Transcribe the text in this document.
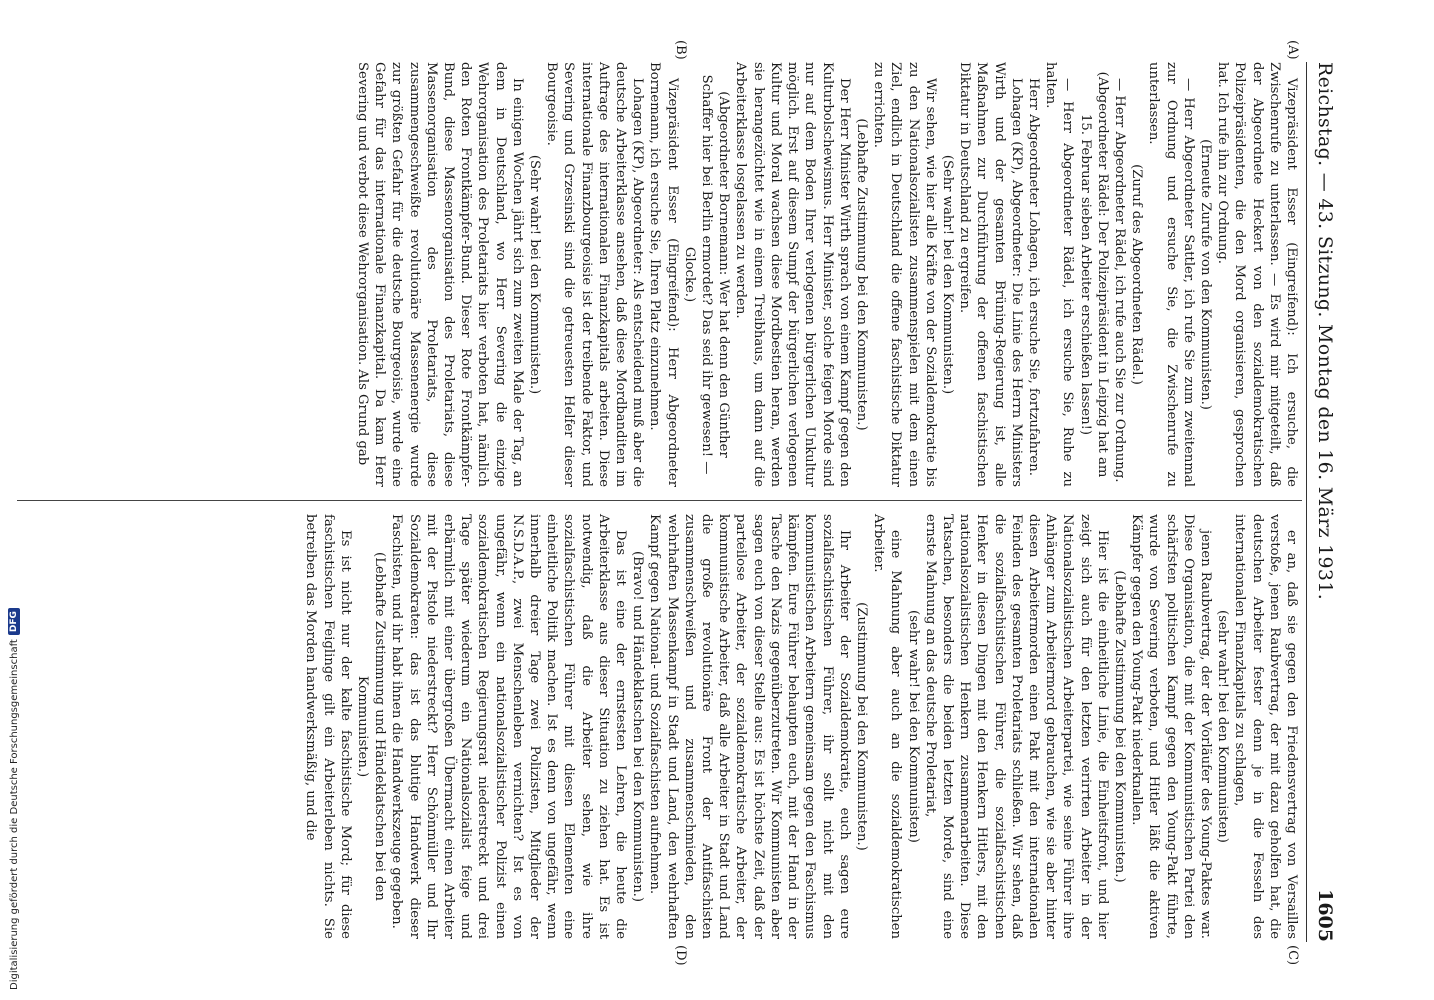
Reichstag. — 43. Sitzung. Montag den 16. März 1931.
1605
(A)
(B)
(C)
(D)

Vizepräsident Esser (Eingreifend): Ich ersuche, die Zwischenrufe zu unterlassen. — Es wird mir mitgeteilt, daß der Abgeordnete Heckert von den sozialdemokratischen Polizeipräsidenten, die den Mord organisieren, gesprochen hat. Ich rufe ihn zur Ordnung.

(Erneute Zurufe von den Kommunisten.)

— Herr Abgeordneter Sattler, ich rufe Sie zum zweitenmal zur Ordnung und ersuche Sie, die Zwischenrufe zu unterlassen.

(Zuruf des Abgeordneten Rädel.)

— Herr Abgeordneter Rädel, ich rufe auch Sie zur Ordnung.

(Abgeordneter Rädel: Der Polizeipräsident in Leipzig hat am 15. Februar sieben Arbeiter erschießen lassen!)

— Herr Abgeordneter Rädel, ich ersuche Sie, Ruhe zu halten.

Herr Abgeordneter Lohagen, ich ersuche Sie, fortzufahren.

Lohagen (KP), Abgeordneter: Die Linie des Herrn Ministers Wirth und der gesamten Brüning-Regierung ist, alle Maßnahmen zur Durchführung der offenen faschistischen Diktatur in Deutschland zu ergreifen.

(Sehr wahr! bei den Kommunisten.)

Wir sehen, wie hier alle Kräfte von der Sozialdemokratie bis zu den Nationalsozialisten zusammenspielen mit dem einen Ziel, endlich in Deutschland die offene faschistische Diktatur zu errichten.

(Lebhafte Zustimmung bei den Kommunisten.)

Der Herr Minister Wirth sprach von einem Kampf gegen den Kulturbolschewismus. Herr Minister, solche feigen Morde sind nur auf dem Boden Ihrer verlogenen bürgerlichen Unkultur möglich. Erst auf diesem Sumpf der bürgerlichen verlogenen Kultur und Moral wachsen diese Mordbestien heran, werden sie herangezüchtet wie in einem Treibhaus, um dann auf die Arbeiterklasse losgelassen zu werden.

(Abgeordneter Bornemann: Wer hat denn den Günther Schaffer hier bei Berlin ermordet? Das seid ihr gewesen! — Glocke.)

Vizepräsident Esser (Eingreifend): Herr Abgeordneter Bornemann, ich ersuche Sie, Ihren Platz einzunehmen.

Lohagen (KP), Abgeordneter: Als entscheidend muß aber die deutsche Arbeiterklasse ansehen, daß diese Mordbanditen im Auftrage des internationalen Finanzkapitals arbeiten. Diese internationale Finanzbourgeoisie ist der treibende Faktor, und Severing und Grzesinski sind die getreuesten Helfer dieser Bourgeoisie.

(Sehr wahr! bei den Kommunisten.)

In einigen Wochen jährt sich zum zweiten Male der Tag, an dem in Deutschland, wo Herr Severing die einzige Wehrorganisation des Proletariats hier verboten hat, nämlich den Roten Frontkämpfer-Bund. Dieser Rote Frontkämpfer-Bund, diese Massenorganisation des Proletariats, diese Massenorganisation des Proletariats, diese zusammengeschweißte revolutionäre Massenenergie wurde zur größten Gefahr für die deutsche Bourgeoisie, wurde eine Gefahr für das internationale Finanzkapital. Da kam Herr Severing und verbot diese Wehrorganisation. Als Grund gab

er an, daß sie gegen den Friedensvertrag von Versailles verstoße, jenen Raubvertrag, der mit dazu geholfen hat, die deutschen Arbeiter fester denn je in die Fesseln des internationalen Finanzkapitals zu schlagen,

(sehr wahr! bei den Kommunisten)

jenen Raubvertrag, der der Vorläufer des Young-Paktes war. Diese Organisation, die mit der Kommunistischen Partei den schärfsten politischen Kampf gegen den Young-Pakt führte, wurde von Severing verboten, und Hitler läßt die aktiven Kämpfer gegen den Young-Pakt niederknallen.

(Lebhafte Zustimmung bei den Kommunisten.)

Hier ist die einheitliche Linie, die Einheitsfront, und hier zeigt sich auch für den letzten verirrten Arbeiter in der Nationalsozialistischen Arbeiterpartei, wie seine Führer ihre Anhänger zum Arbeitermord gebrauchen, wie sie aber hinter diesen Arbeitermorden einen Pakt mit den internationalen Feinden des gesamten Proletariats schließen. Wir sehen, daß die sozialfaschistischen Führer, die sozialfaschistischen Henker in diesen Dingen mit den Henkern Hitlers, mit den nationalsozialistischen Henkern zusammenarbeiten. Diese Tatsachen, besonders die beiden letzten Morde, sind eine ernste Mahnung an das deutsche Proletariat,

(sehr wahr! bei den Kommunisten)

eine Mahnung aber auch an die sozialdemokratischen Arbeiter.

(Zustimmung bei den Kommunisten.)

Ihr Arbeiter der Sozialdemokratie, euch sagen eure sozialfaschistischen Führer, ihr sollt nicht mit den kommunistischen Arbeitern gemeinsam gegen den Faschismus kämpfen. Eure Führer behaupten euch, mit der Hand in der Tasche den Nazis gegenüberzutreten. Wir Kommunisten aber sagen euch von dieser Stelle aus: Es ist höchste Zeit, daß der parteilose Arbeiter, der sozialdemokratische Arbeiter, der kommunistische Arbeiter, daß alle Arbeiter in Stadt und Land die große revolutionäre Front der Antifaschisten zusammenschweißen und zusammenschmieden, den wehrhaften Massenkampf in Stadt und Land, den wehrhaften Kampf gegen National- und Sozialfaschisten aufnehmen.

(Bravo! und Händeklatschen bei den Kommunisten.)

Das ist eine der ernstesten Lehren, die heute die Arbeiterklasse aus dieser Situation zu ziehen hat. Es ist notwendig, daß die Arbeiter sehen, wie ihre sozialfaschistischen Führer mit diesen Elementen eine einheitliche Politik machen. Ist es denn von ungefähr, wenn innerhalb dreier Tage zwei Polizisten, Mitglieder der N.S.D.A.P., zwei Menschenleben vernichten? Ist es von ungefähr, wenn ein nationalsozialistischer Polizist einen sozialdemokratischen Regierungsrat niederstreckt und drei Tage später wiederum ein Nationalsozialist feige und erbärmlich mit einer übergroßen Übermacht einen Arbeiter mit der Pistole niederstreckt? Herr Schönmüller und Ihr Sozialdemokraten: das ist das blutige Handwerk dieser Faschisten, und ihr habt ihnen die Handwerkszeuge gegeben.

(Lebhafte Zustimmung und Händeklatschen bei den Kommunisten.)

Es ist nicht nur der kalte faschistische Mord; für diese faschistischen Feiglinge gilt ein Arbeiterleben nichts. Sie betreiben das Morden handwerksmäßig, und die

Digitalisierung gefördert durch die Deutsche Forschungsgemeinschaft
DFG
